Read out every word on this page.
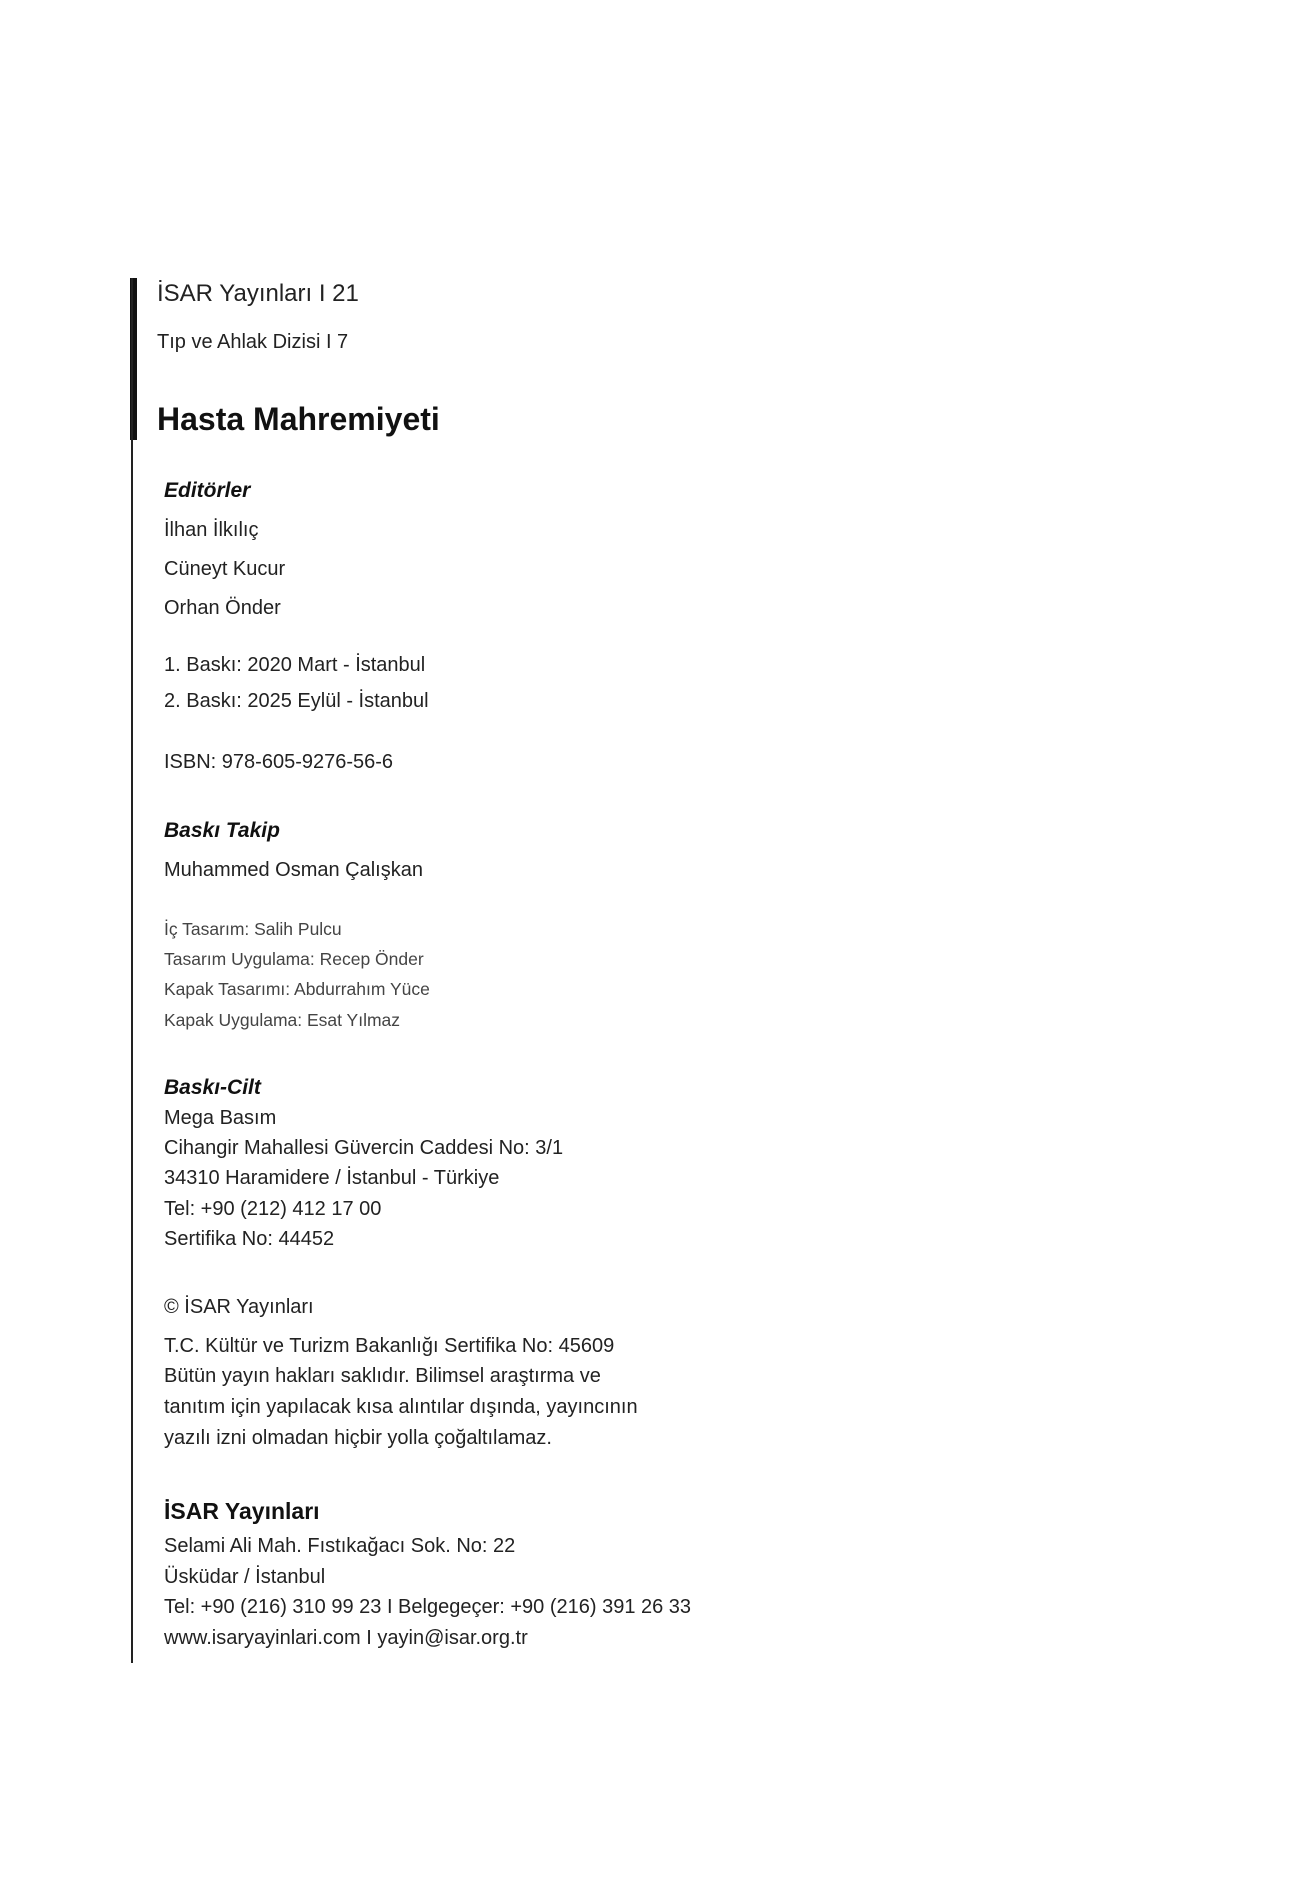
İSAR Yayınları I 21
Tıp ve Ahlak Dizisi I 7
Hasta Mahremiyeti
Editörler
İlhan İlkılıç
Cüneyt Kucur
Orhan Önder
1. Baskı: 2020 Mart - İstanbul
2. Baskı: 2025 Eylül - İstanbul
ISBN: 978-605-9276-56-6
Baskı Takip
Muhammed Osman Çalışkan
İç Tasarım: Salih Pulcu
Tasarım Uygulama: Recep Önder
Kapak Tasarımı: Abdurrahım Yüce
Kapak Uygulama: Esat Yılmaz
Baskı-Cilt
Mega Basım
Cihangir Mahallesi Güvercin Caddesi No: 3/1
34310 Haramidere / İstanbul - Türkiye
Tel: +90 (212) 412 17 00
Sertifika No: 44452
© İSAR Yayınları
T.C. Kültür ve Turizm Bakanlığı Sertifika No: 45609
Bütün yayın hakları saklıdır. Bilimsel araştırma ve
tanıtım için yapılacak kısa alıntılar dışında, yayıncının
yazılı izni olmadan hiçbir yolla çoğaltılamaz.
İSAR Yayınları
Selami Ali Mah. Fıstıkağacı Sok. No: 22
Üsküdar / İstanbul
Tel: +90 (216) 310 99 23 I Belgegeçer: +90 (216) 391 26 33
www.isaryayinlari.com I yayin@isar.org.tr
